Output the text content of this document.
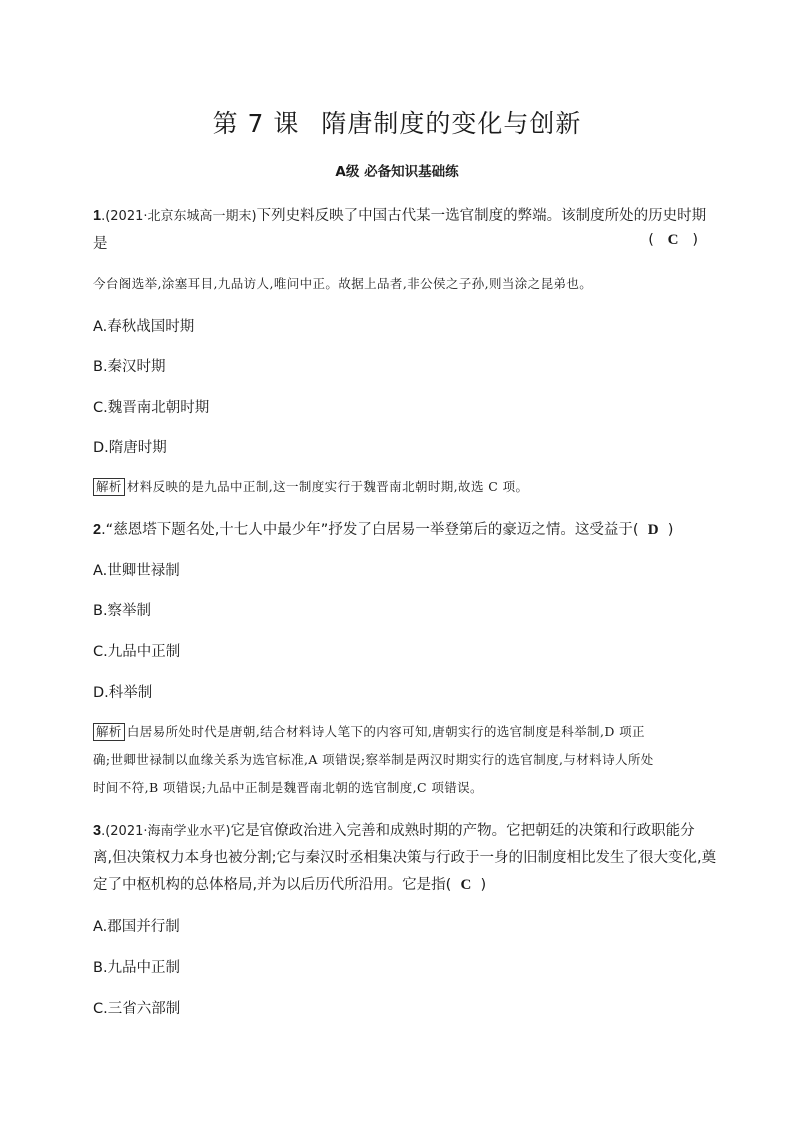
第 7 课 隋唐制度的变化与创新
A级 必备知识基础练
1.(2021·北京东城高一期末)下列史料反映了中国古代某一选官制度的弊端。该制度所处的历史时期
是	(   C   )
今台阁选举,涂塞耳目,九品访人,唯问中正。故据上品者,非公侯之子孙,则当涂之昆弟也。
A.春秋战国时期
B.秦汉时期
C.魏晋南北朝时期
D.隋唐时期
解析 材料反映的是九品中正制,这一制度实行于魏晋南北朝时期,故选 C 项。
2.“慈恩塔下题名处,十七人中最少年”抒发了白居易一举登第后的豪迈之情。这受益于( D  )
A.世卿世禄制
B.察举制
C.九品中正制
D.科举制
解析 白居易所处时代是唐朝,结合材料诗人笔下的内容可知,唐朝实行的选官制度是科举制,D 项正
确;世卿世禄制以血缘关系为选官标准,A 项错误;察举制是两汉时期实行的选官制度,与材料诗人所处
时间不符,B 项错误;九品中正制是魏晋南北朝的选官制度,C 项错误。
3.(2021·海南学业水平)它是官僚政治进入完善和成熟时期的产物。它把朝廷的决策和行政职能分
离,但决策权力本身也被分割;它与秦汉时丞相集决策与行政于一身的旧制度相比发生了很大变化,奠
定了中枢机构的总体格局,并为以后历代所沿用。它是指( C  )
A.郡国并行制
B.九品中正制
C.三省六部制
